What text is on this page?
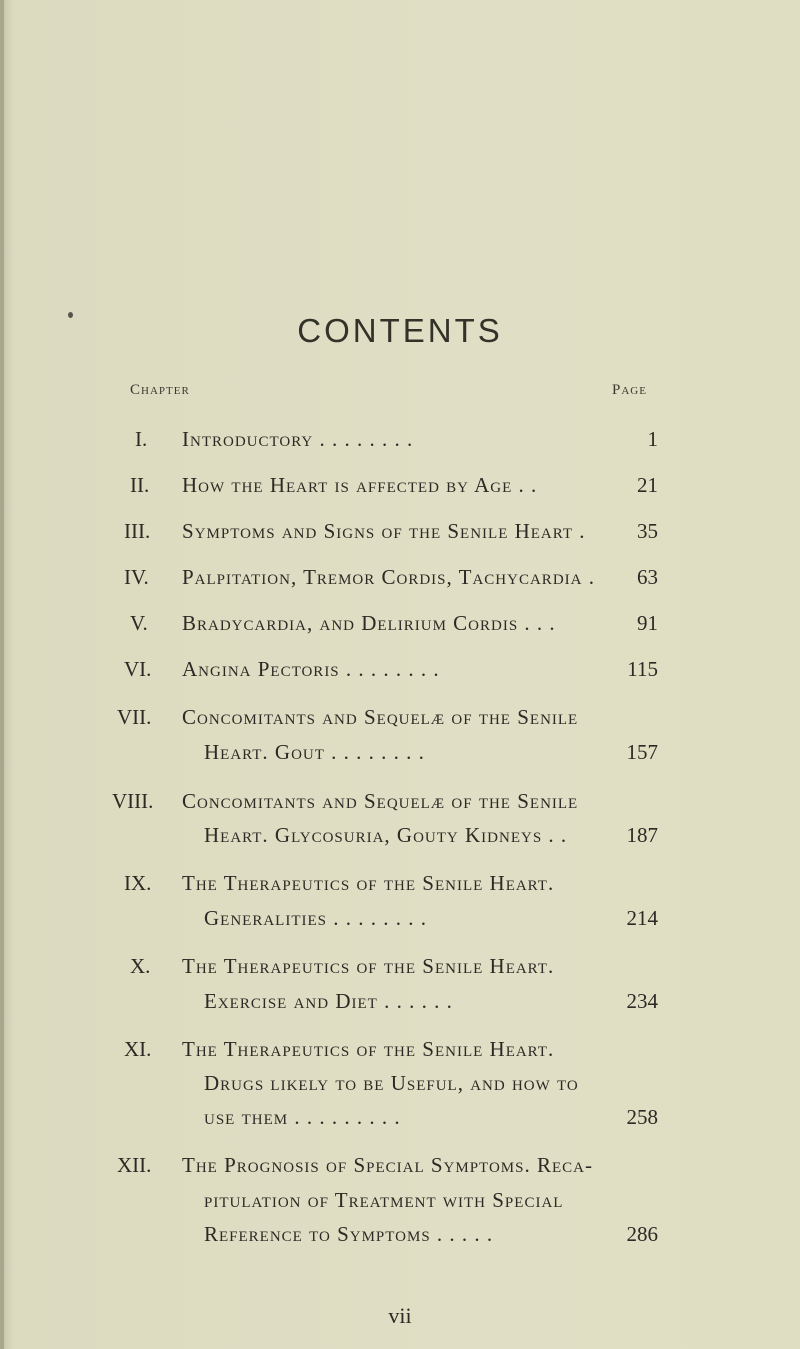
CONTENTS
Chapter	Page
I. Introductory . . . . . . . .	1
II. How the Heart is affected by Age . .	21
III. Symptoms and Signs of the Senile Heart .	35
IV. Palpitation, Tremor Cordis, Tachycardia .	63
V. Bradycardia, and Delirium Cordis . . .	91
VI. Angina Pectoris . . . . . . . .	115
VII. Concomitants and Sequelæ of the Senile
Heart. Gout . . . . . . . .	157
VIII. Concomitants and Sequelæ of the Senile
Heart. Glycosuria, Gouty Kidneys . .	187
IX. The Therapeutics of the Senile Heart.
Generalities . . . . . . . .	214
X. The Therapeutics of the Senile Heart.
Exercise and Diet . . . . . .	234
XI. The Therapeutics of the Senile Heart.
Drugs likely to be Useful, and how to
use them . . . . . . . . .	258
XII. The Prognosis of Special Symptoms. Reca-
pitulation of Treatment with Special
Reference to Symptoms . . . . .	286
vii
